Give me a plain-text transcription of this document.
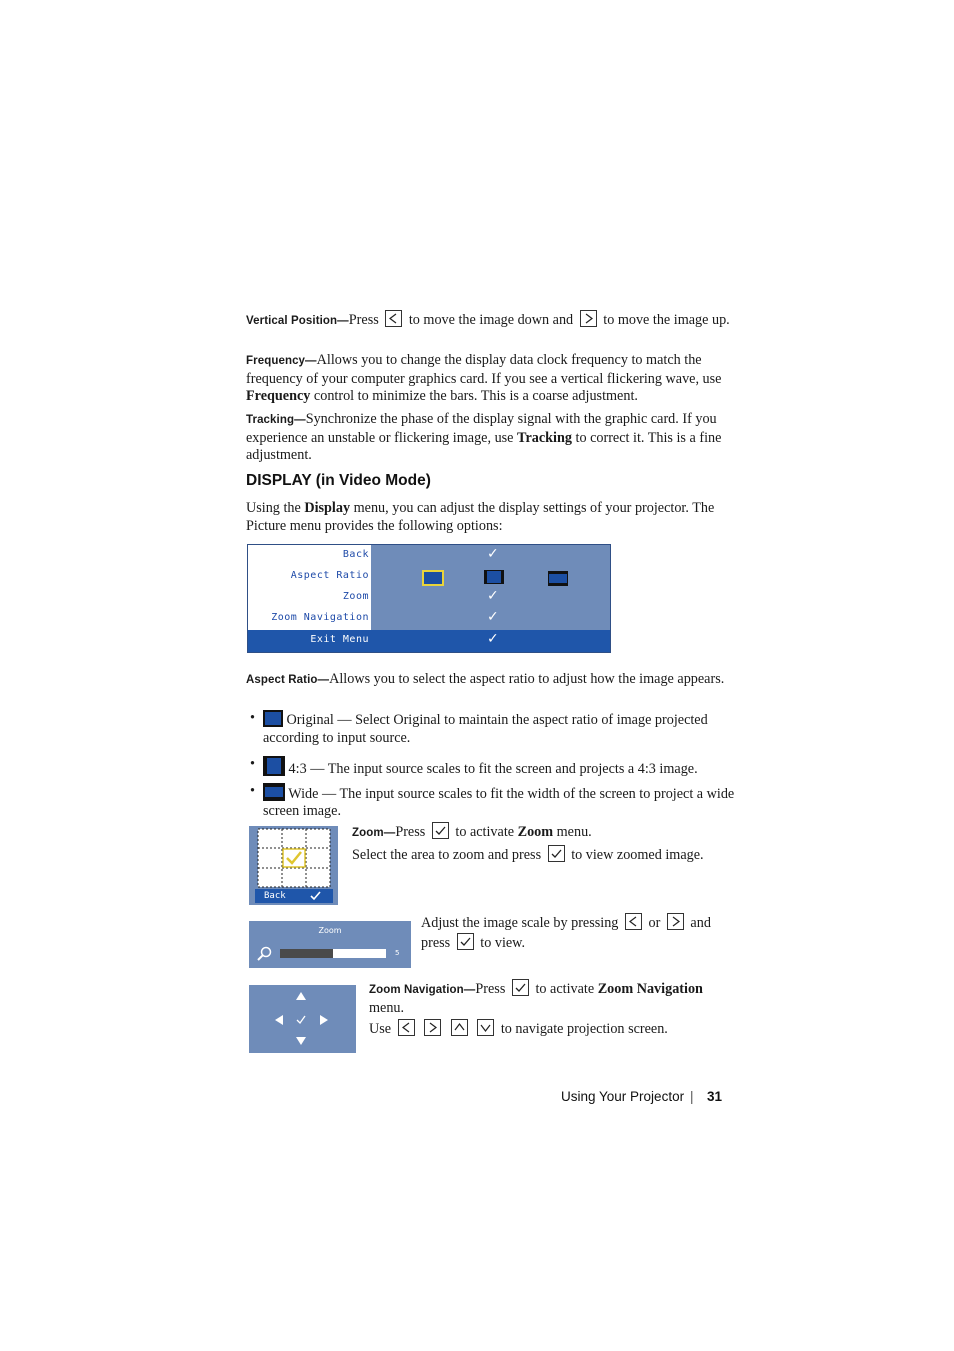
Vertical Position—Press to move the image down and to move the image up.

Frequency—Allows you to change the display data clock frequency to match the frequency of your computer graphics card. If you see a vertical flickering wave, use Frequency control to minimize the bars. This is a coarse adjustment.

Tracking—Synchronize the phase of the display signal with the graphic card. If you experience an unstable or flickering image, use Tracking to correct it. This is a fine adjustment.

DISPLAY (in Video Mode)

Using the Display menu, you can adjust the display settings of your projector. The Picture menu provides the following options:

Back	✓
Aspect Ratio
Zoom	✓
Zoom Navigation	✓
Exit Menu	✓

Aspect Ratio—Allows you to select the aspect ratio to adjust how the image appears.

• Original — Select Original to maintain the aspect ratio of image projected according to input source.
• 4:3 — The input source scales to fit the screen and projects a 4:3 image.
• Wide — The input source scales to fit the width of the screen to project a wide screen image.
Back

Zoom—Press to activate Zoom menu.

Select the area to zoom and press to view zoomed image.

Zoom
5

Adjust the image scale by pressing or and press to view.

Zoom Navigation—Press to activate Zoom Navigation menu.

Use

	to navigate projection screen.

Using Your Projector | 31
